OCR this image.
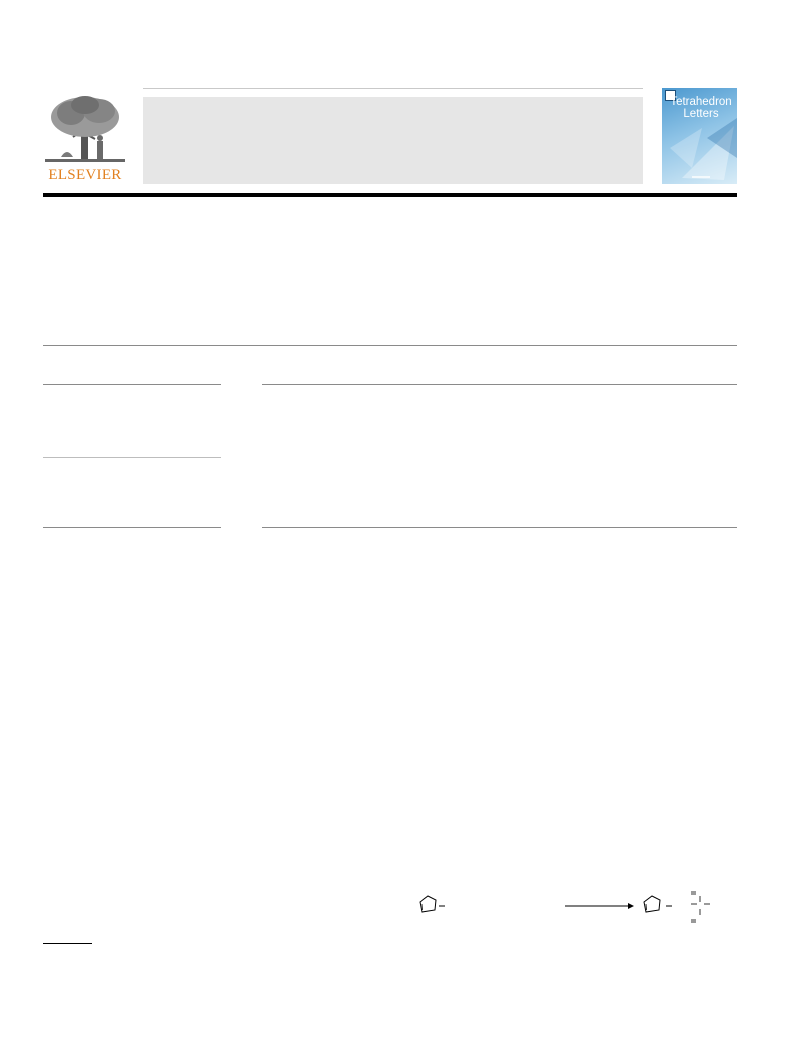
ELSEVIER
Tetrahedron Letters
